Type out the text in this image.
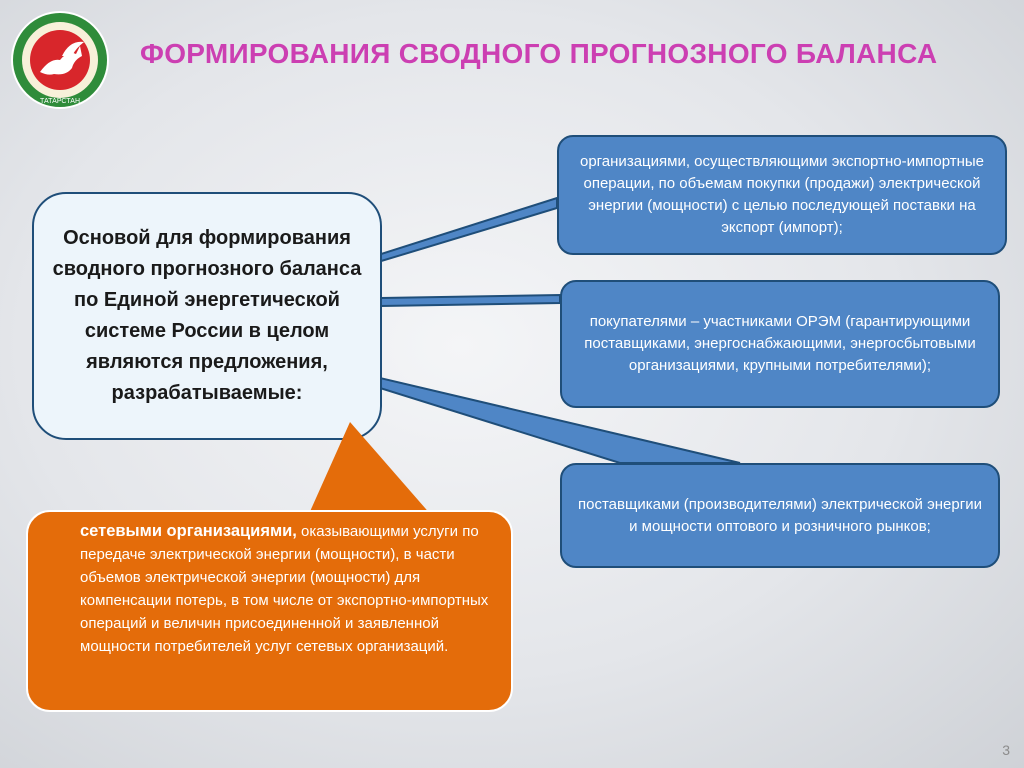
ТАТАРСТАН
ФОРМИРОВАНИЯ СВОДНОГО ПРОГНОЗНОГО БАЛАНСА
Основой для формирования сводного прогнозного баланса по Единой энергетической системе России в целом являются предложения, разрабатываемые:
организациями, осуществляющими экспортно-импортные операции, по объемам покупки (продажи) электрической энергии (мощности) с целью последующей поставки на экспорт (импорт);
покупателями – участниками ОРЭМ (гарантирующими поставщиками, энергоснабжающими, энергосбытовыми организациями, крупными потребителями);
поставщиками (производителями) электрической энергии и мощности оптового и розничного рынков;
сетевыми организациями, оказывающими услуги по передаче электрической энергии (мощности), в части объемов электрической энергии (мощности) для компенсации потерь, в том числе от экспортно-импортных операций и величин присоединенной и заявленной мощности потребителей услуг сетевых организаций.
3
